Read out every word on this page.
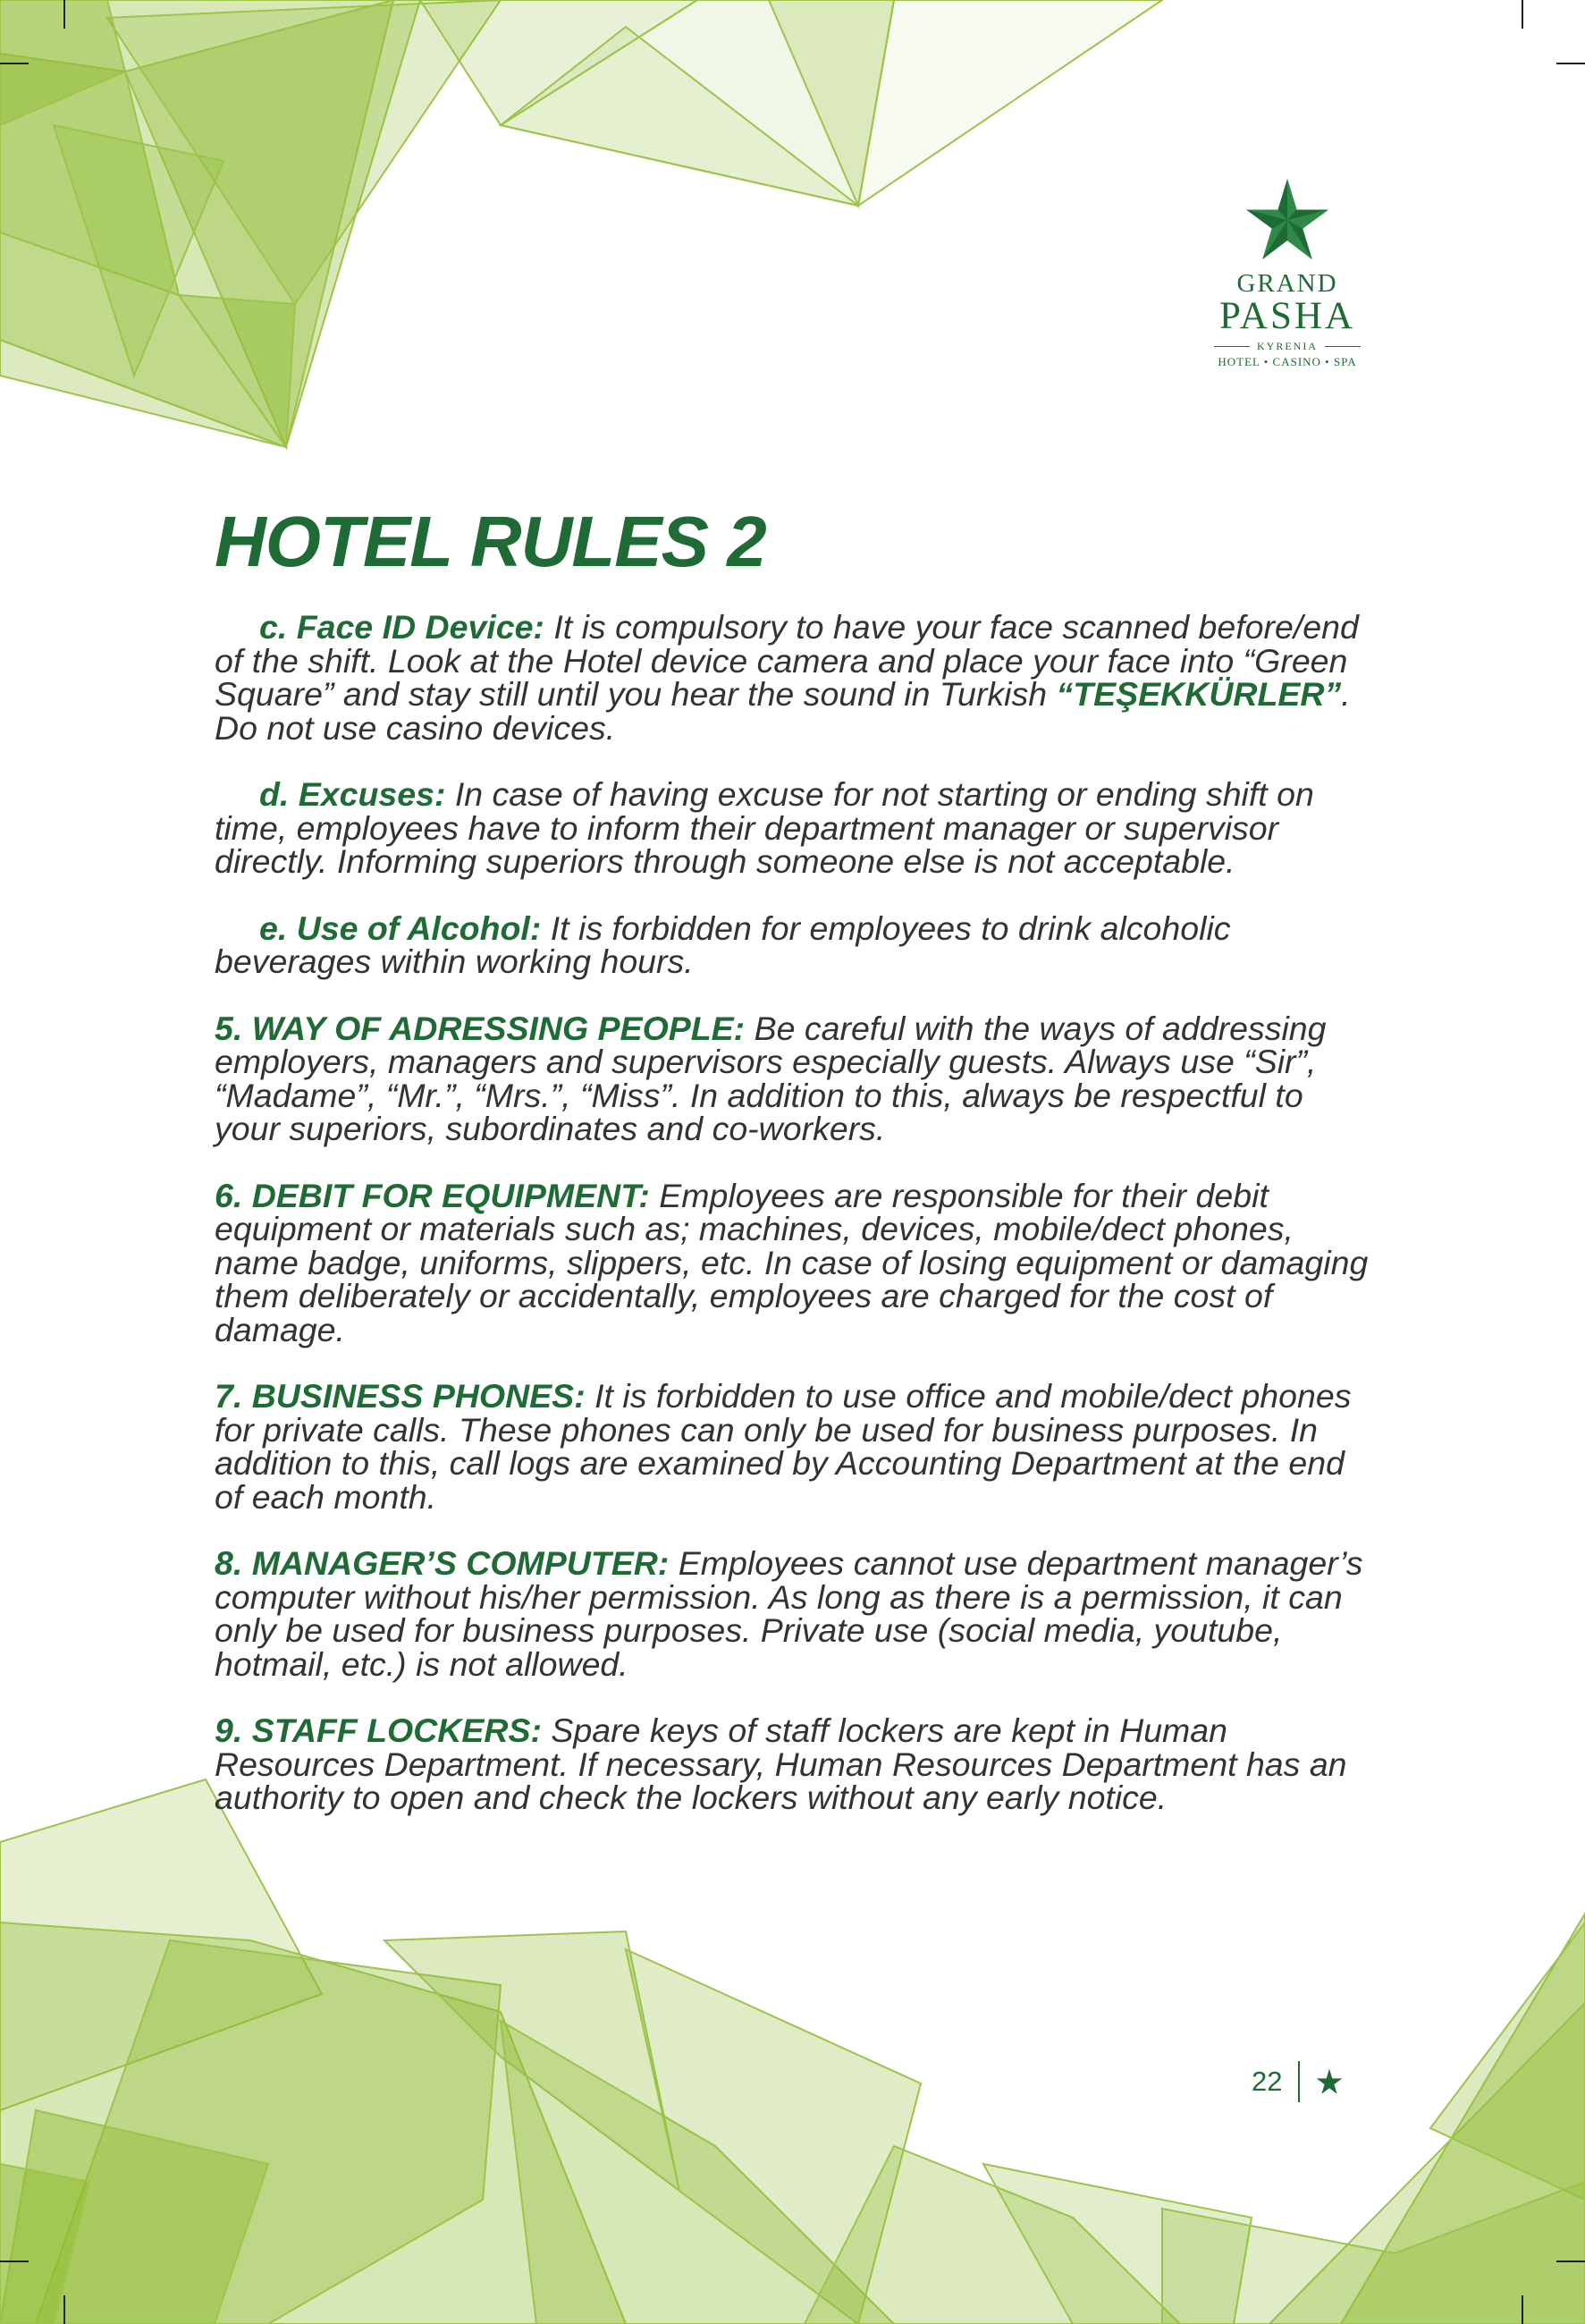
GRAND
PASHA
KYRENIA
HOTEL • CASINO • SPA
HOTEL RULES 2

c. Face ID Device: It is compulsory to have your face scanned before/end of the shift. Look at the Hotel device camera and place your face into “Green Square” and stay still until you hear the sound in Turkish “TEŞEKKÜRLER”. Do not use casino devices.

d. Excuses: In case of having excuse for not starting or ending shift on time, employees have to inform their department manager or supervisor directly. Informing superiors through someone else is not acceptable.

e. Use of Alcohol: It is forbidden for employees to drink alcoholic beverages within working hours.

5. WAY OF ADRESSING PEOPLE: Be careful with the ways of addressing employers, managers and supervisors especially guests. Always use “Sir”, “Madame”, “Mr.”, “Mrs.”, “Miss”. In addition to this, always be respectful to your superiors, subordinates and co-workers.

6. DEBIT FOR EQUIPMENT: Employees are responsible for their debit equipment or materials such as; machines, devices, mobile/dect phones, name badge, uniforms, slippers, etc. In case of losing equipment or damaging them deliberately or accidentally, employees are charged for the cost of damage.

7. BUSINESS PHONES: It is forbidden to use office and mobile/dect phones for private calls. These phones can only be used for business purposes. In addition to this, call logs are examined by Accounting Department at the end of each month.

8. MANAGER’S COMPUTER: Employees cannot use department manager’s computer without his/her permission. As long as there is a permission, it can only be used for business purposes. Private use (social media, youtube, hotmail, etc.) is not allowed.

9. STAFF LOCKERS: Spare keys of staff lockers are kept in Human Resources Department. If necessary, Human Resources Department has an authority to open and check the lockers without any early notice.

22
